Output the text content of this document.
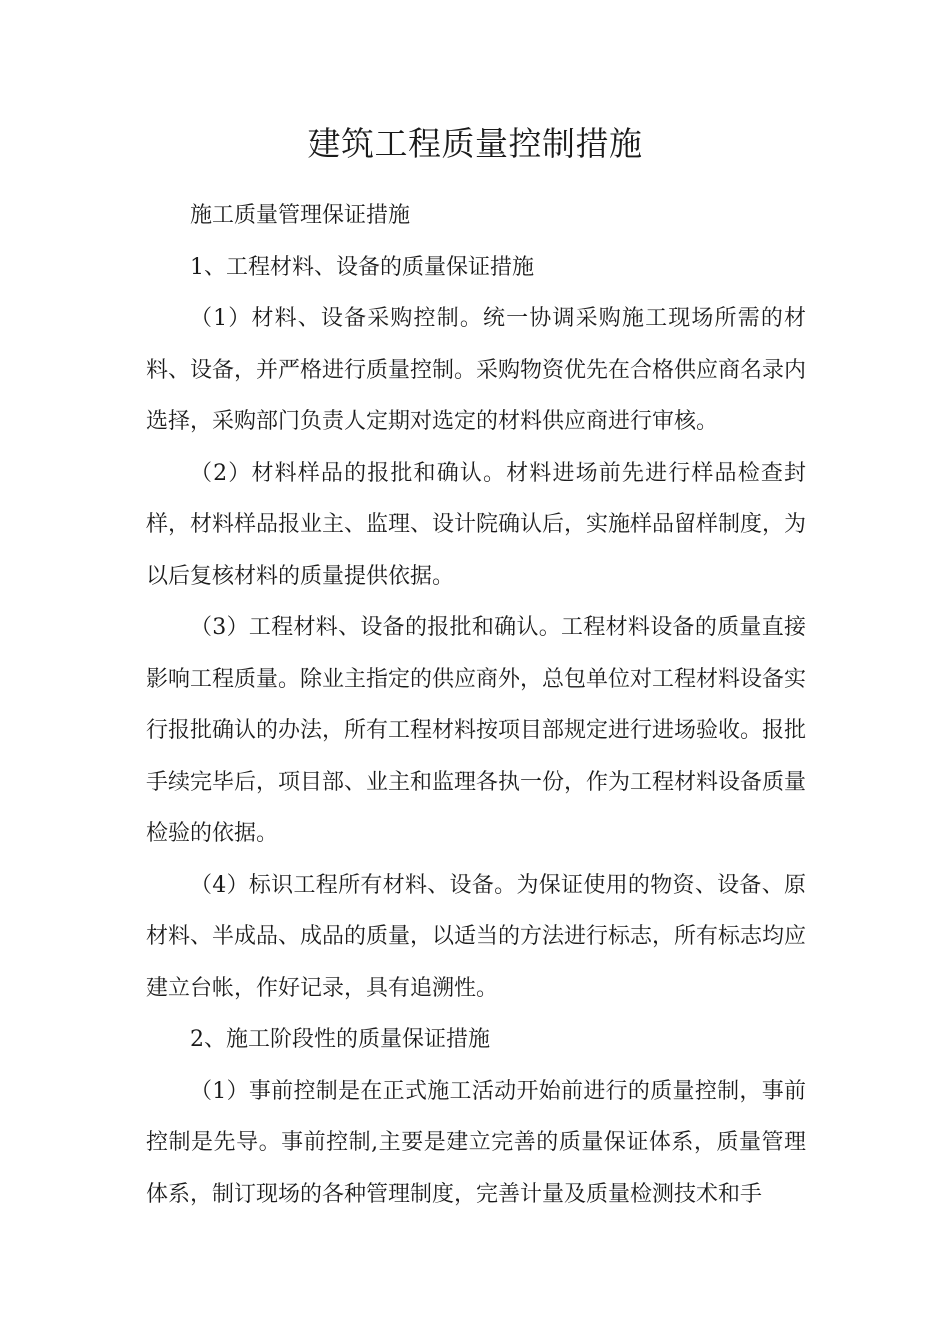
建筑工程质量控制措施

施工质量管理保证措施

1、工程材料、设备的质量保证措施

（1）材料、设备采购控制。统一协调采购施工现场所需的材料、设备，并严格进行质量控制。采购物资优先在合格供应商名录内选择，采购部门负责人定期对选定的材料供应商进行审核。

（2）材料样品的报批和确认。材料进场前先进行样品检查封样，材料样品报业主、监理、设计院确认后，实施样品留样制度，为以后复核材料的质量提供依据。

（3）工程材料、设备的报批和确认。工程材料设备的质量直接影响工程质量。除业主指定的供应商外，总包单位对工程材料设备实行报批确认的办法，所有工程材料按项目部规定进行进场验收。报批手续完毕后，项目部、业主和监理各执一份，作为工程材料设备质量检验的依据。

（4）标识工程所有材料、设备。为保证使用的物资、设备、原材料、半成品、成品的质量，以适当的方法进行标志，所有标志均应建立台帐，作好记录，具有追溯性。

2、施工阶段性的质量保证措施

（1）事前控制是在正式施工活动开始前进行的质量控制，事前控制是先导。事前控制,主要是建立完善的质量保证体系，质量管理体系，制订现场的各种管理制度，完善计量及质量检测技术和手
